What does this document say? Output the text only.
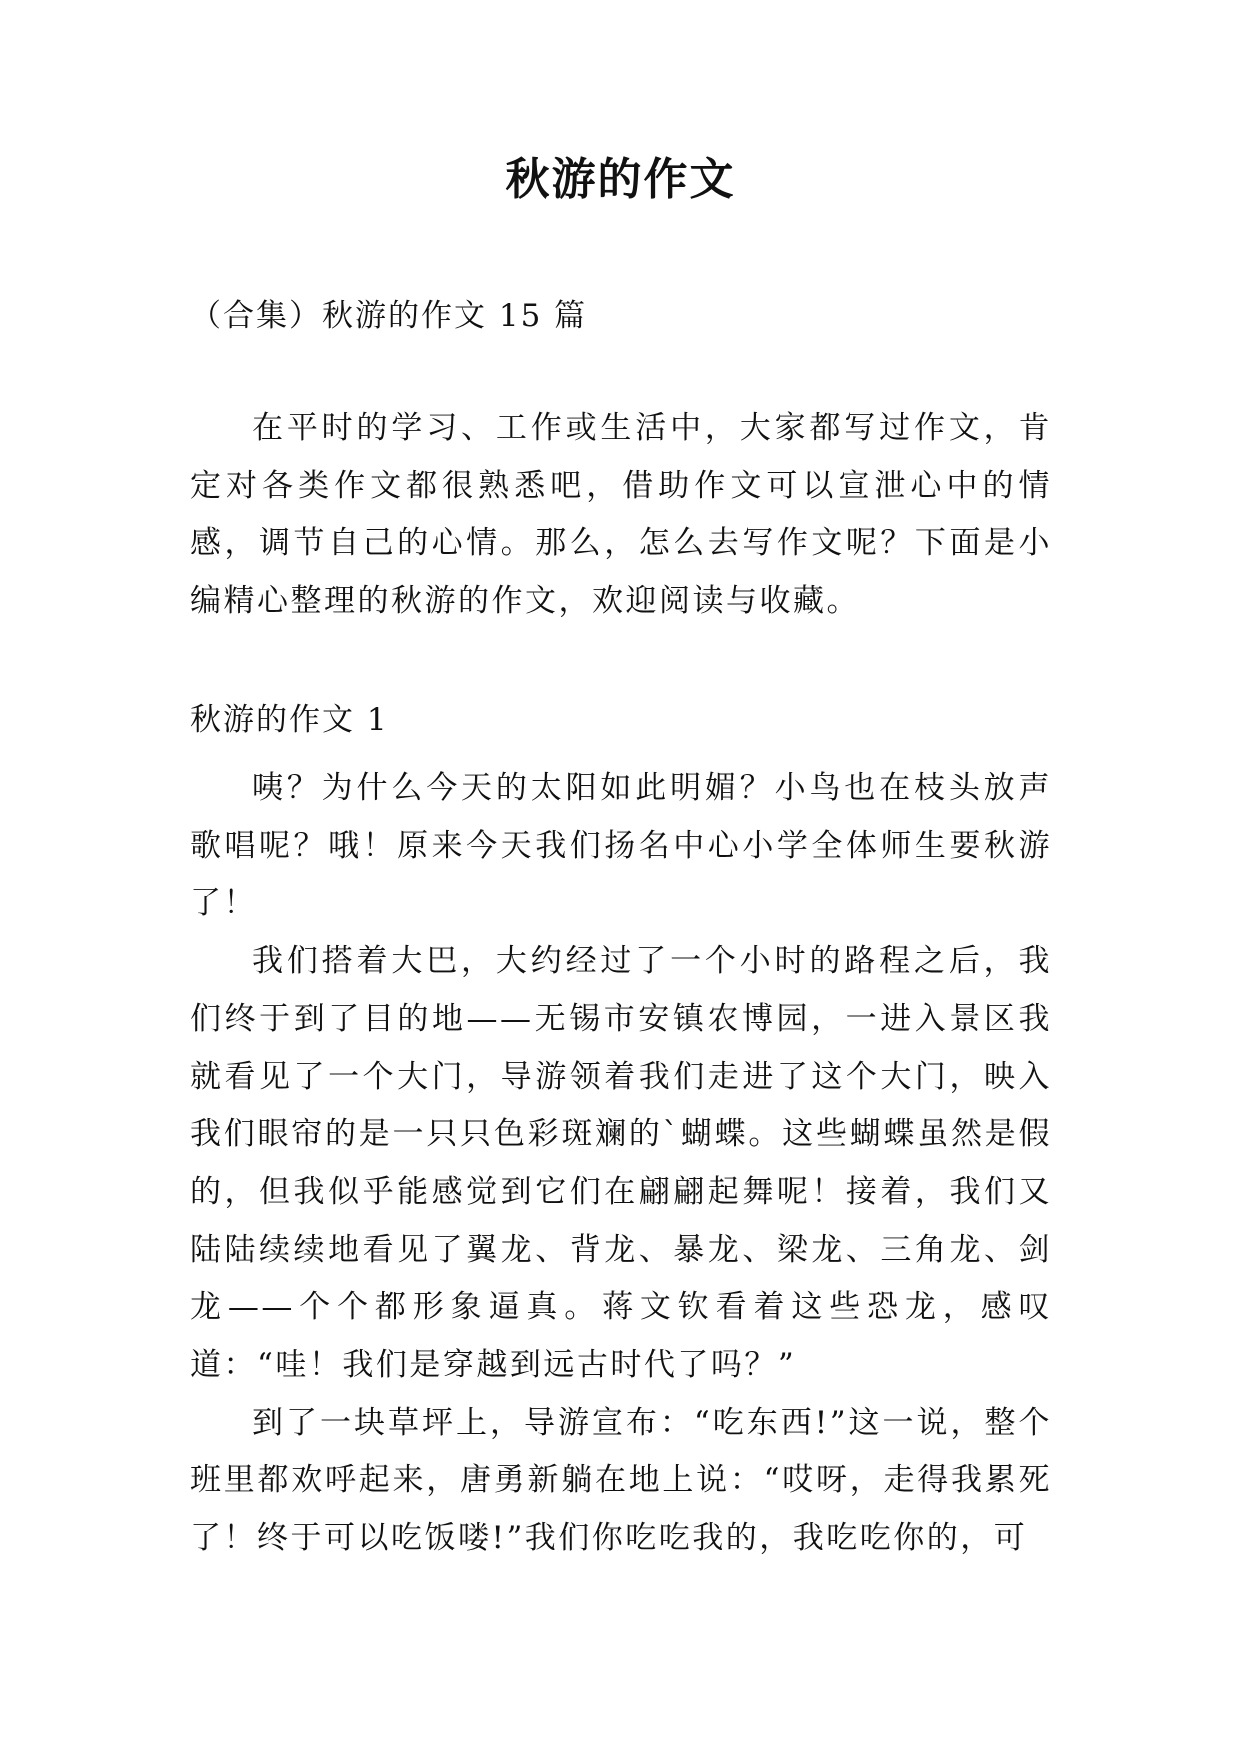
秋游的作文

（合集）秋游的作文 15 篇

在平时的学习、工作或生活中，大家都写过作文，肯定对各类作文都很熟悉吧，借助作文可以宣泄心中的情感，调节自己的心情。那么，怎么去写作文呢？下面是小编精心整理的秋游的作文，欢迎阅读与收藏。

秋游的作文 1

咦？为什么今天的太阳如此明媚？小鸟也在枝头放声歌唱呢？哦！原来今天我们扬名中心小学全体师生要秋游了！

我们搭着大巴，大约经过了一个小时的路程之后，我们终于到了目的地——无锡市安镇农博园，一进入景区我就看见了一个大门，导游领着我们走进了这个大门，映入我们眼帘的是一只只色彩斑斓的`蝴蝶。这些蝴蝶虽然是假的，但我似乎能感觉到它们在翩翩起舞呢！接着，我们又陆陆续续地看见了翼龙、背龙、暴龙、梁龙、三角龙、剑龙——个个都形象逼真。蒋文钦看着这些恐龙，感叹道：“哇！我们是穿越到远古时代了吗？”

到了一块草坪上，导游宣布：“吃东西!”这一说，整个班里都欢呼起来，唐勇新躺在地上说：“哎呀，走得我累死了！终于可以吃饭喽!”我们你吃吃我的，我吃吃你的，可
